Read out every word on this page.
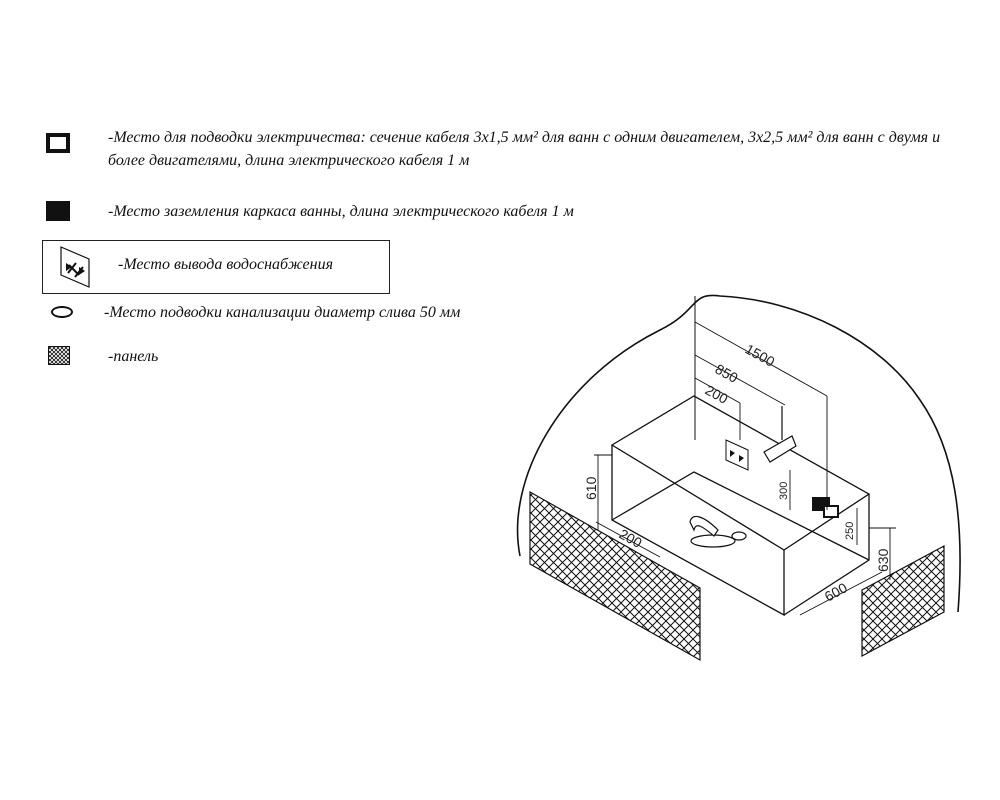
-Место для подводки электричества: сечение кабеля 3х1,5 мм² для ванн с одним двигателем, 3х2,5 мм² для ванн с двумя и
более двигателями, длина электрического кабеля 1 м
-Место заземления каркаса ванны, длина электрического кабеля 1 м
-Место вывода водоснабжения
-Место подводки канализации диаметр слива 50 мм
-панель	1500
850
200
610	300
200	250
630
600
